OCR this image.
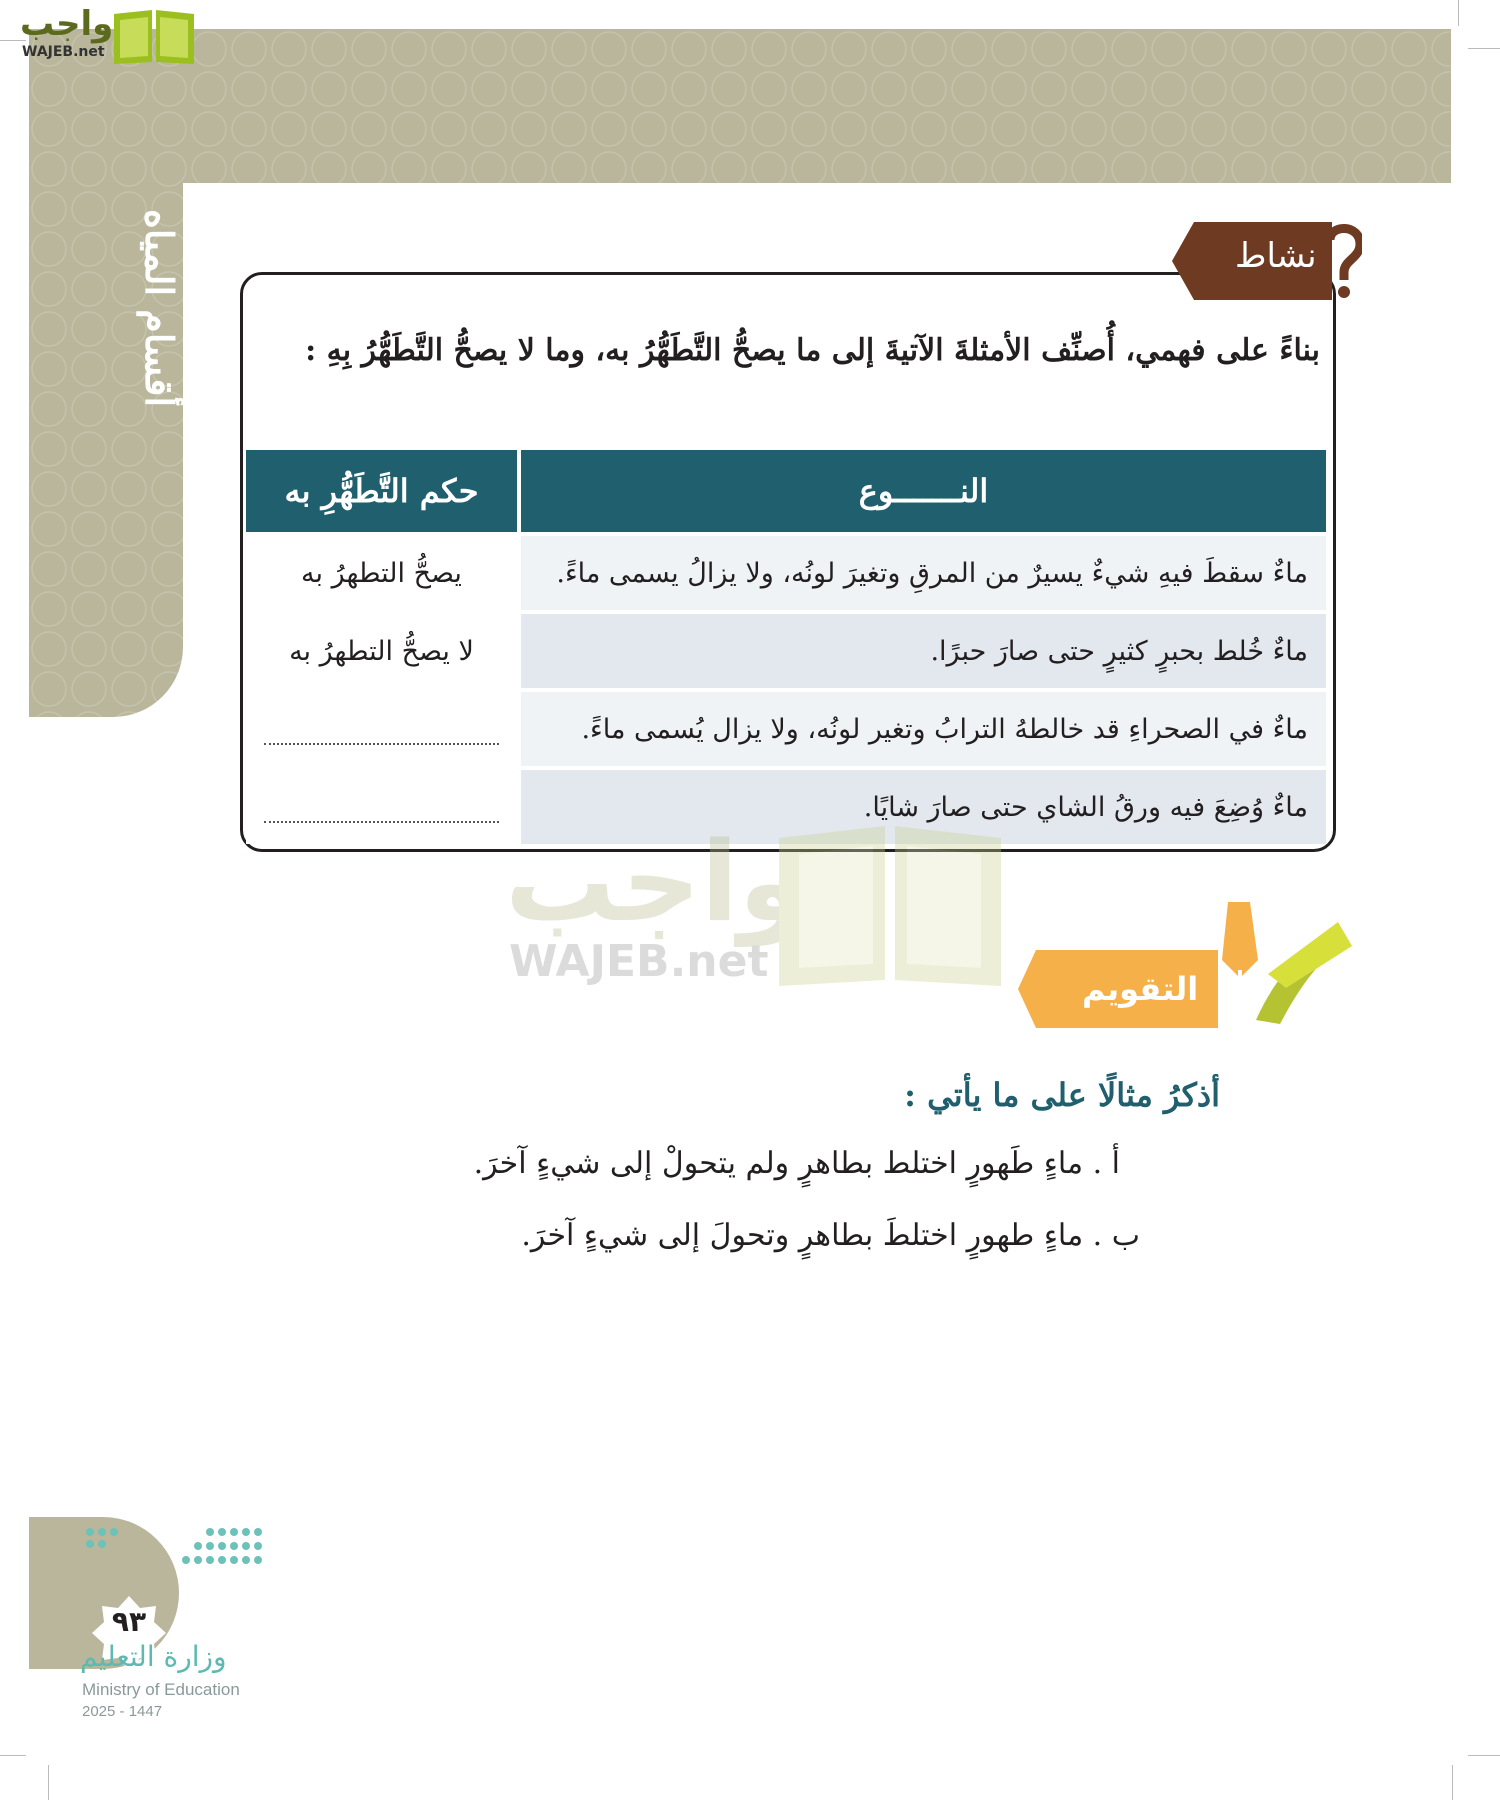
أقسام المياه
واجب
WAJEB.net
نشاط
بناءً على فهمي، أُصنِّف الأمثلةَ الآتيةَ إلى ما يصحُّ التَّطَهُّرُ به، وما لا يصحُّ التَّطَهُّرُ بِهِ :
النـــــــوع	حكم التَّطَهُّرِ به
ماءٌ سقطَ فيهِ شيءٌ يسيرٌ من المرقِ وتغيرَ لونُه، ولا يزالُ يسمى ماءً.	يصحُّ التطهرُ به
ماءٌ خُلط بحبرٍ كثيرٍ حتى صارَ حبرًا.	لا يصحُّ التطهرُ به
ماءٌ في الصحراءِ قد خالطهُ الترابُ وتغير لونُه، ولا يزال يُسمى ماءً.	
ماءٌ وُضِعَ فيه ورقُ الشاي حتى صارَ شايًا.	
واجب
WAJEB.net
التقويم
أذكرُ مثالًا على ما يأتي :
أ . ماءٍ طَهورٍ اختلط بطاهرٍ ولم يتحولْ إلى شيءٍ آخرَ.
ب . ماءٍ طهورٍ اختلطَ بطاهرٍ وتحولَ إلى شيءٍ آخرَ.
٩٣
وزارة التعليم
Ministry of Education
2025 - 1447
